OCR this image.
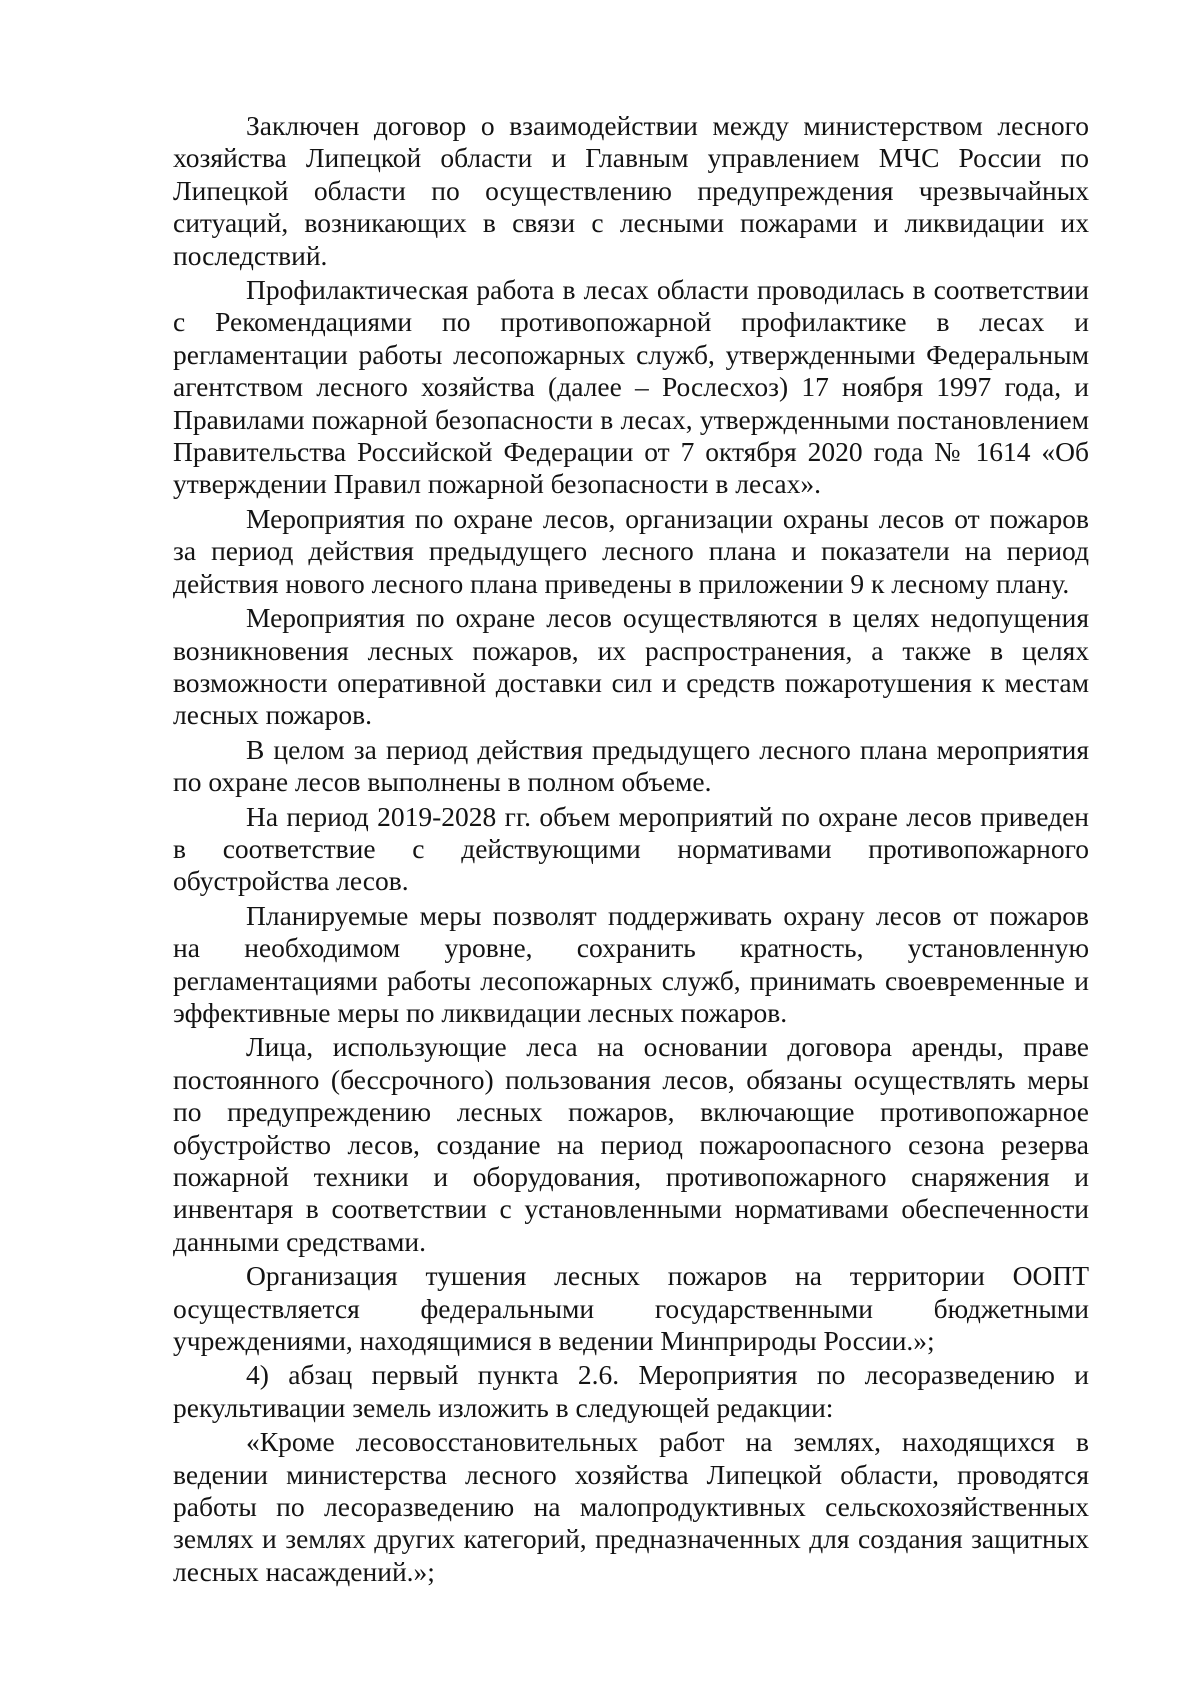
Заключен договор о взаимодействии между министерством лесного хозяйства Липецкой области и Главным управлением МЧС России по Липецкой области по осуществлению предупреждения чрезвычайных ситуаций, возникающих в связи с лесными пожарами и ликвидации их последствий.

Профилактическая работа в лесах области проводилась в соответствии с Рекомендациями по противопожарной профилактике в лесах и регламентации работы лесопожарных служб, утвержденными Федеральным агентством лесного хозяйства (далее – Рослесхоз) 17 ноября 1997 года, и Правилами пожарной безопасности в лесах, утвержденными постановлением Правительства Российской Федерации от 7 октября 2020 года № 1614 «Об утверждении Правил пожарной безопасности в лесах».

Мероприятия по охране лесов, организации охраны лесов от пожаров за период действия предыдущего лесного плана и показатели на период действия нового лесного плана приведены в приложении 9 к лесному плану.

Мероприятия по охране лесов осуществляются в целях недопущения возникновения лесных пожаров, их распространения, а также в целях возможности оперативной доставки сил и средств пожаротушения к местам лесных пожаров.

В целом за период действия предыдущего лесного плана мероприятия по охране лесов выполнены в полном объеме.

На период 2019-2028 гг. объем мероприятий по охране лесов приведен в соответствие с действующими нормативами противопожарного обустройства лесов.

Планируемые меры позволят поддерживать охрану лесов от пожаров на необходимом уровне, сохранить кратность, установленную регламентациями работы лесопожарных служб, принимать своевременные и эффективные меры по ликвидации лесных пожаров.

Лица, использующие леса на основании договора аренды, праве постоянного (бессрочного) пользования лесов, обязаны осуществлять меры по предупреждению лесных пожаров, включающие противопожарное обустройство лесов, создание на период пожароопасного сезона резерва пожарной техники и оборудования, противопожарного снаряжения и инвентаря в соответствии с установленными нормативами обеспеченности данными средствами.

Организация тушения лесных пожаров на территории ООПТ осуществляется федеральными государственными бюджетными учреждениями, находящимися в ведении Минприроды России.»;

4) абзац первый пункта 2.6. Мероприятия по лесоразведению и рекультивации земель изложить в следующей редакции:

«Кроме лесовосстановительных работ на землях, находящихся в ведении министерства лесного хозяйства Липецкой области, проводятся работы по лесоразведению на малопродуктивных сельскохозяйственных землях и землях других категорий, предназначенных для создания защитных лесных насаждений.»;
